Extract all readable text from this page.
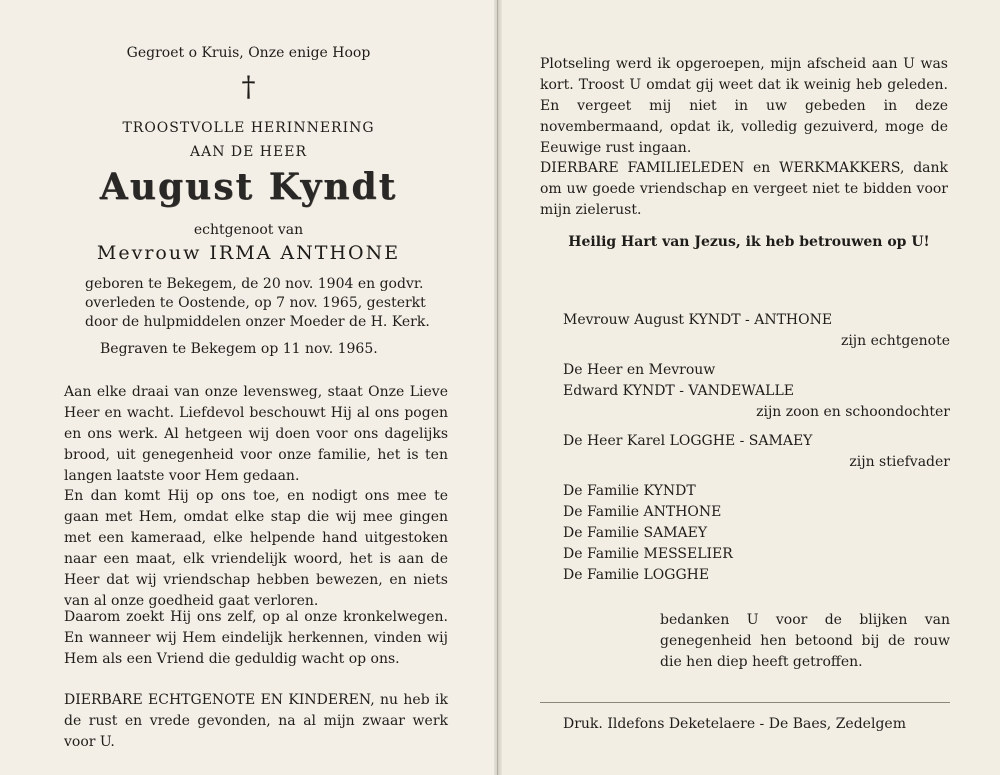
Gegroet o Kruis, Onze enige Hoop
†
TROOSTVOLLE HERINNERING
AAN DE HEER
August Kyndt
echtgenoot van
Mevrouw IRMA ANTHONE
geboren te Bekegem, de 20 nov. 1904 en godvr.
overleden te Oostende, op 7 nov. 1965, gesterkt
door de hulpmiddelen onzer Moeder de H. Kerk.
Begraven te Bekegem op 11 nov. 1965.
Aan elke draai van onze levensweg, staat Onze Lieve Heer en wacht. Liefdevol beschouwt Hij al ons pogen en ons werk. Al hetgeen wij doen voor ons dagelijks brood, uit genegenheid voor onze familie, het is ten langen laatste voor Hem gedaan.
En dan komt Hij op ons toe, en nodigt ons mee te gaan met Hem, omdat elke stap die wij mee gingen met een kameraad, elke helpende hand uitgestoken naar een maat, elk vriendelijk woord, het is aan de Heer dat wij vriendschap hebben bewezen, en niets van al onze goedheid gaat verloren.
Daarom zoekt Hij ons zelf, op al onze kronkelwegen. En wanneer wij Hem eindelijk herkennen, vinden wij Hem als een Vriend die geduldig wacht op ons.
DIERBARE ECHTGENOTE EN KINDEREN, nu heb ik de rust en vrede gevonden, na al mijn zwaar werk voor U.
Plotseling werd ik opgeroepen, mijn afscheid aan U was kort. Troost U omdat gij weet dat ik weinig heb geleden. En vergeet mij niet in uw gebeden in deze novembermaand, opdat ik, volledig gezuiverd, moge de Eeuwige rust ingaan.
DIERBARE FAMILIELEDEN en WERKMAKKERS, dank om uw goede vriendschap en vergeet niet te bidden voor mijn zielerust.
Heilig Hart van Jezus, ik heb betrouwen op U!
Mevrouw August KYNDT - ANTHONE
zijn echtgenote
De Heer en Mevrouw
Edward KYNDT - VANDEWALLE
zijn zoon en schoondochter
De Heer Karel LOGGHE - SAMAEY
zijn stiefvader
De Familie KYNDT
De Familie ANTHONE
De Familie SAMAEY
De Familie MESSELIER
De Familie LOGGHE
bedanken U voor de blijken van genegenheid hen betoond bij de rouw die hen diep heeft getroffen.
Druk. Ildefons Deketelaere - De Baes, Zedelgem
